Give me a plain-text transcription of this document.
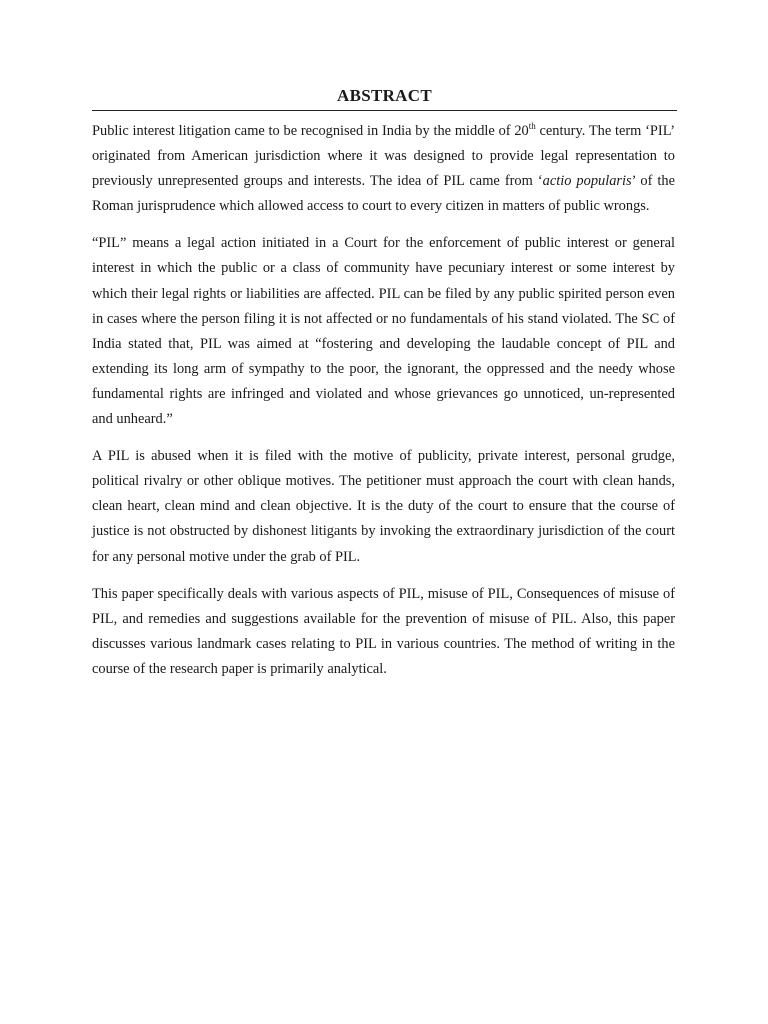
ABSTRACT

Public interest litigation came to be recognised in India by the middle of 20th century. The term ‘PIL’ originated from American jurisdiction where it was designed to provide legal representation to previously unrepresented groups and interests. The idea of PIL came from ‘actio popularis’ of the Roman jurisprudence which allowed access to court to every citizen in matters of public wrongs.

“PIL” means a legal action initiated in a Court for the enforcement of public interest or general interest in which the public or a class of community have pecuniary interest or some interest by which their legal rights or liabilities are affected. PIL can be filed by any public spirited person even in cases where the person filing it is not affected or no fundamentals of his stand violated. The SC of India stated that, PIL was aimed at “fostering and developing the laudable concept of PIL and extending its long arm of sympathy to the poor, the ignorant, the oppressed and the needy whose fundamental rights are infringed and violated and whose grievances go unnoticed, un-represented and unheard.”

A PIL is abused when it is filed with the motive of publicity, private interest, personal grudge, political rivalry or other oblique motives. The petitioner must approach the court with clean hands, clean heart, clean mind and clean objective. It is the duty of the court to ensure that the course of justice is not obstructed by dishonest litigants by invoking the extraordinary jurisdiction of the court for any personal motive under the grab of PIL.

This paper specifically deals with various aspects of PIL, misuse of PIL, Consequences of misuse of PIL, and remedies and suggestions available for the prevention of misuse of PIL. Also, this paper discusses various landmark cases relating to PIL in various countries. The method of writing in the course of the research paper is primarily analytical.
